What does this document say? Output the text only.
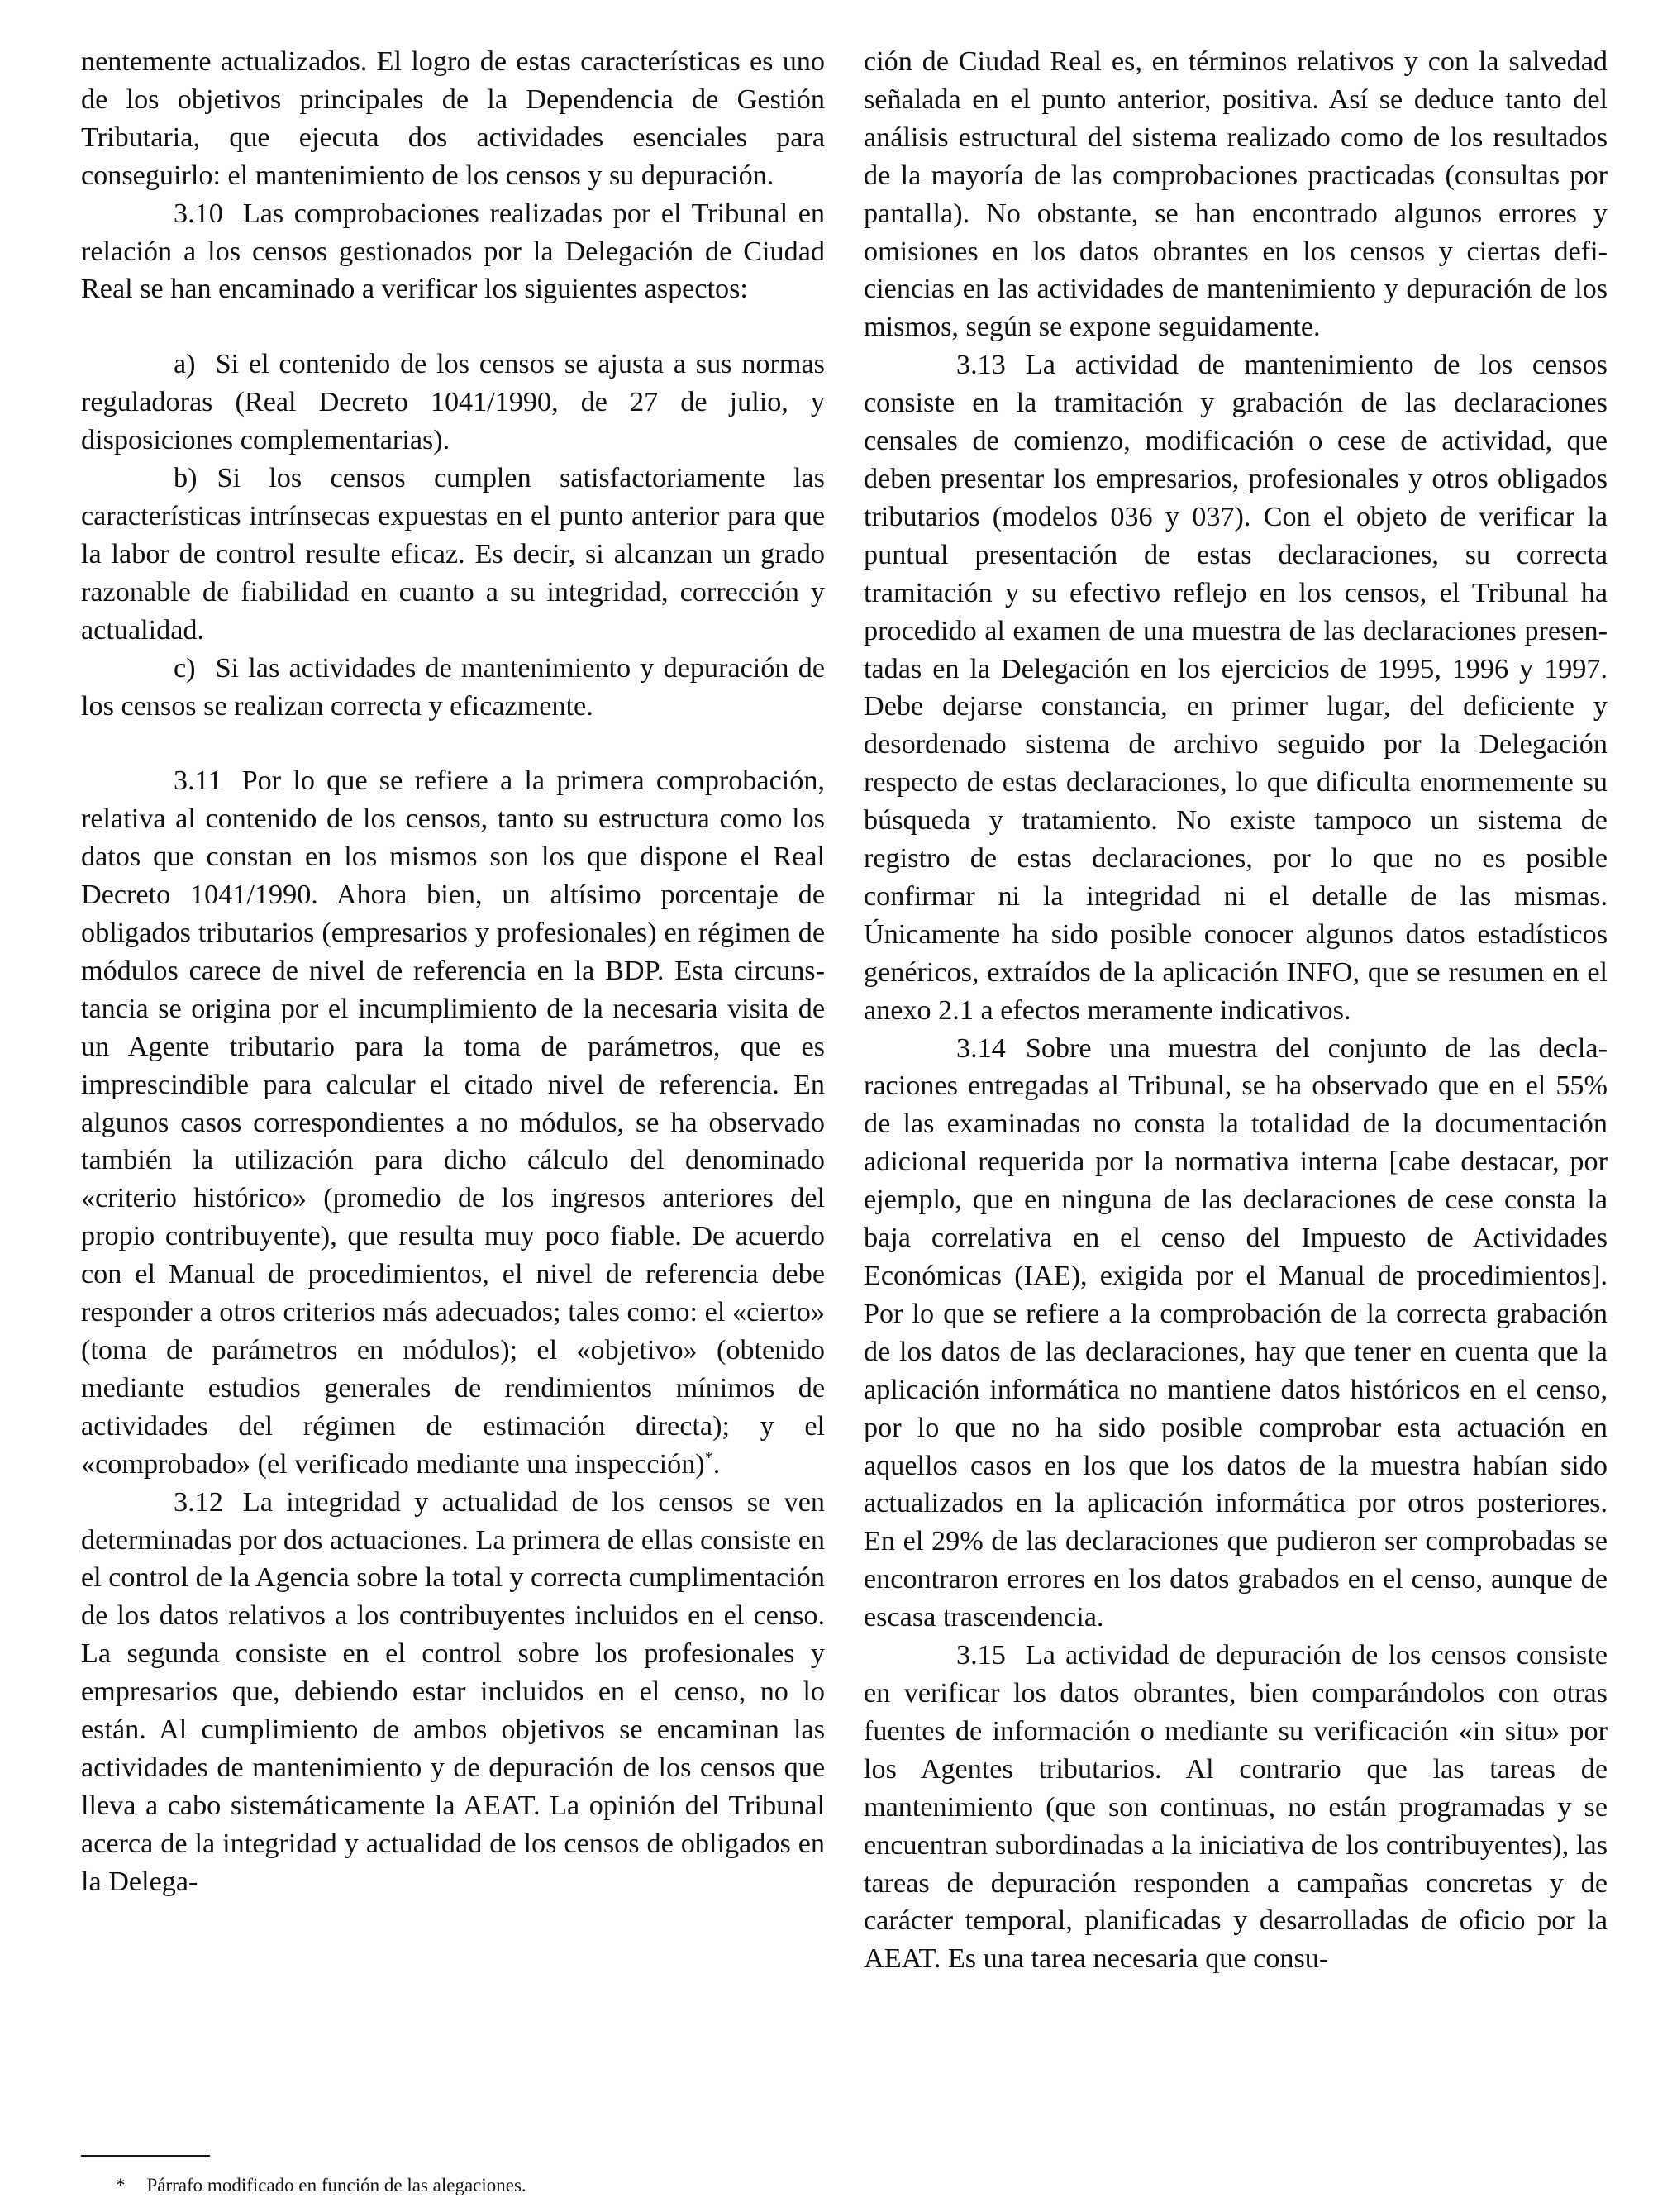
nentemente actualizados. El logro de estas características es uno de los objetivos principales de la Dependencia de Gestión Tributaria, que ejecuta dos actividades esenciales para conseguirlo: el mantenimiento de los censos y su depuración.

3.10 Las comprobaciones realizadas por el Tribunal en relación a los censos gestionados por la Delegación de Ciudad Real se han encaminado a verificar los siguientes aspectos:

a) Si el contenido de los censos se ajusta a sus normas reguladoras (Real Decreto 1041/1990, de 27 de julio, y disposiciones complementarias).

b) Si los censos cumplen satisfactoriamente las características intrínsecas expuestas en el punto anterior para que la labor de control resulte eficaz. Es decir, si alcanzan un grado razonable de fiabilidad en cuanto a su integridad, corrección y actualidad.

c) Si las actividades de mantenimiento y depuración de los censos se realizan correcta y eficazmente.

3.11 Por lo que se refiere a la primera comprobación, relativa al contenido de los censos, tanto su estructura como los datos que constan en los mismos son los que dispone el Real Decreto 1041/1990. Ahora bien, un altísimo porcentaje de obligados tributarios (empresarios y profesionales) en régimen de módulos carece de nivel de referencia en la BDP. Esta circunstancia se origina por el incumplimiento de la necesaria visita de un Agente tributario para la toma de parámetros, que es imprescindible para calcular el citado nivel de referencia. En algunos casos correspondientes a no módulos, se ha observado también la utilización para dicho cálculo del denominado «criterio histórico» (promedio de los ingresos anteriores del propio contribuyente), que resulta muy poco fiable. De acuerdo con el Manual de procedimientos, el nivel de referencia debe responder a otros criterios más adecuados; tales como: el «cierto» (toma de parámetros en módulos); el «objetivo» (obtenido mediante estudios generales de rendimientos mínimos de actividades del régimen de estimación directa); y el «comprobado» (el verificado mediante una inspección)*.

3.12 La integridad y actualidad de los censos se ven determinadas por dos actuaciones. La primera de ellas consiste en el control de la Agencia sobre la total y correcta cumplimentación de los datos relativos a los contribuyentes incluidos en el censo. La segunda consiste en el control sobre los profesionales y empresarios que, debiendo estar incluidos en el censo, no lo están. Al cumplimiento de ambos objetivos se encaminan las actividades de mantenimiento y de depuración de los censos que lleva a cabo sistemáticamente la AEAT. La opinión del Tribunal acerca de la integridad y actualidad de los censos de obligados en la Delega-

ción de Ciudad Real es, en términos relativos y con la salvedad señalada en el punto anterior, positiva. Así se deduce tanto del análisis estructural del sistema realizado como de los resultados de la mayoría de las comprobaciones practicadas (consultas por pantalla). No obstante, se han encontrado algunos errores y omisiones en los datos obrantes en los censos y ciertas deficiencias en las actividades de mantenimiento y depuración de los mismos, según se expone seguidamente.

3.13 La actividad de mantenimiento de los censos consiste en la tramitación y grabación de las declaraciones censales de comienzo, modificación o cese de actividad, que deben presentar los empresarios, profesionales y otros obligados tributarios (modelos 036 y 037). Con el objeto de verificar la puntual presentación de estas declaraciones, su correcta tramitación y su efectivo reflejo en los censos, el Tribunal ha procedido al examen de una muestra de las declaraciones presentadas en la Delegación en los ejercicios de 1995, 1996 y 1997. Debe dejarse constancia, en primer lugar, del deficiente y desordenado sistema de archivo seguido por la Delegación respecto de estas declaraciones, lo que dificulta enormemente su búsqueda y tratamiento. No existe tampoco un sistema de registro de estas declaraciones, por lo que no es posible confirmar ni la integridad ni el detalle de las mismas. Únicamente ha sido posible conocer algunos datos estadísticos genéricos, extraídos de la aplicación INFO, que se resumen en el anexo 2.1 a efectos meramente indicativos.

3.14 Sobre una muestra del conjunto de las declaraciones entregadas al Tribunal, se ha observado que en el 55% de las examinadas no consta la totalidad de la documentación adicional requerida por la normativa interna [cabe destacar, por ejemplo, que en ninguna de las declaraciones de cese consta la baja correlativa en el censo del Impuesto de Actividades Económicas (IAE), exigida por el Manual de procedimientos]. Por lo que se refiere a la comprobación de la correcta grabación de los datos de las declaraciones, hay que tener en cuenta que la aplicación informática no mantiene datos históricos en el censo, por lo que no ha sido posible comprobar esta actuación en aquellos casos en los que los datos de la muestra habían sido actualizados en la aplicación informática por otros posteriores. En el 29% de las declaraciones que pudieron ser comprobadas se encontraron errores en los datos grabados en el censo, aunque de escasa trascendencia.

3.15 La actividad de depuración de los censos consiste en verificar los datos obrantes, bien comparándolos con otras fuentes de información o mediante su verificación «in situ» por los Agentes tributarios. Al contrario que las tareas de mantenimiento (que son continuas, no están programadas y se encuentran subordinadas a la iniciativa de los contribuyentes), las tareas de depuración responden a campañas concretas y de carácter temporal, planificadas y desarrolladas de oficio por la AEAT. Es una tarea necesaria que consu-

* Párrafo modificado en función de las alegaciones.
